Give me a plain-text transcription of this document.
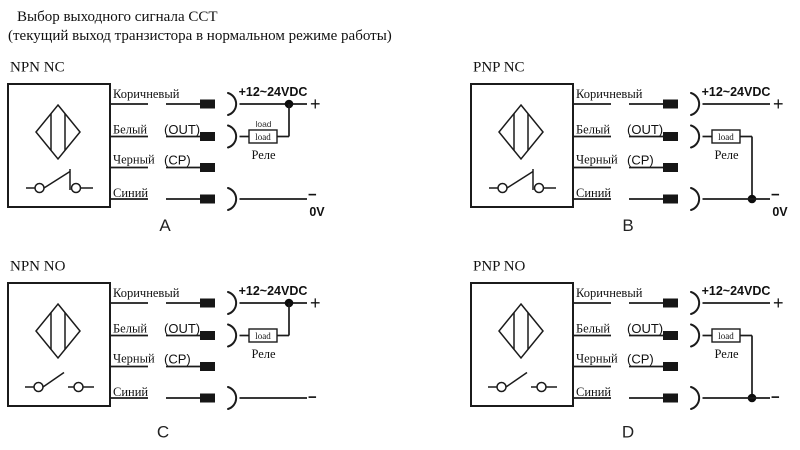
Выбор выходного сигнала ССТ
(текущий выход транзистора в нормальном режиме работы)
NPN NC
Коричневый
Белый (OUT)	load
load
Реле
Черный (CP)
Синий
+12~24VDC
+
−
0V
A
PNP NC
Коричневый
Белый (OUT)	load
Реле
Черный (CP)
Синий
+12~24VDC
+
−
0V
B
NPN NO
Коричневый
Белый (OUT)	load
Реле
Черный (CP)
Синий
+12~24VDC
+
−
C
PNP NO
Коричневый
Белый (OUT)	load
Реле
Черный (CP)
Синий
+12~24VDC
+
−
D
